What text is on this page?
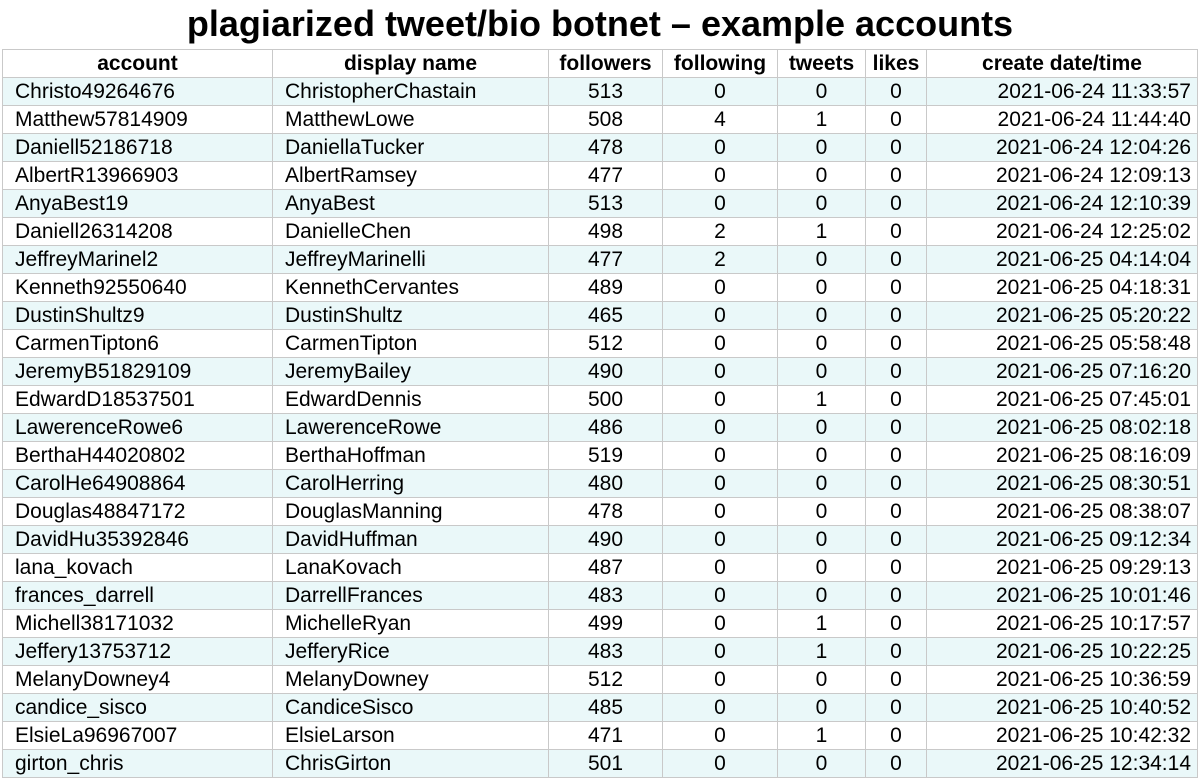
plagiarized tweet/bio botnet – example accounts
account	display name	followers	following	tweets	likes	create date/time
Christo49264676	ChristopherChastain	513	0	0	0	2021-06-24 11:33:57
Matthew57814909	MatthewLowe	508	4	1	0	2021-06-24 11:44:40
Daniell52186718	DaniellaTucker	478	0	0	0	2021-06-24 12:04:26
AlbertR13966903	AlbertRamsey	477	0	0	0	2021-06-24 12:09:13
AnyaBest19	AnyaBest	513	0	0	0	2021-06-24 12:10:39
Daniell26314208	DanielleChen	498	2	1	0	2021-06-24 12:25:02
JeffreyMarinel2	JeffreyMarinelli	477	2	0	0	2021-06-25 04:14:04
Kenneth92550640	KennethCervantes	489	0	0	0	2021-06-25 04:18:31
DustinShultz9	DustinShultz	465	0	0	0	2021-06-25 05:20:22
CarmenTipton6	CarmenTipton	512	0	0	0	2021-06-25 05:58:48
JeremyB51829109	JeremyBailey	490	0	0	0	2021-06-25 07:16:20
EdwardD18537501	EdwardDennis	500	0	1	0	2021-06-25 07:45:01
LawerenceRowe6	LawerenceRowe	486	0	0	0	2021-06-25 08:02:18
BerthaH44020802	BerthaHoffman	519	0	0	0	2021-06-25 08:16:09
CarolHe64908864	CarolHerring	480	0	0	0	2021-06-25 08:30:51
Douglas48847172	DouglasManning	478	0	0	0	2021-06-25 08:38:07
DavidHu35392846	DavidHuffman	490	0	0	0	2021-06-25 09:12:34
lana_kovach	LanaKovach	487	0	0	0	2021-06-25 09:29:13
frances_darrell	DarrellFrances	483	0	0	0	2021-06-25 10:01:46
Michell38171032	MichelleRyan	499	0	1	0	2021-06-25 10:17:57
Jeffery13753712	JefferyRice	483	0	1	0	2021-06-25 10:22:25
MelanyDowney4	MelanyDowney	512	0	0	0	2021-06-25 10:36:59
candice_sisco	CandiceSisco	485	0	0	0	2021-06-25 10:40:52
ElsieLa96967007	ElsieLarson	471	0	1	0	2021-06-25 10:42:32
girton_chris	ChrisGirton	501	0	0	0	2021-06-25 12:34:14
